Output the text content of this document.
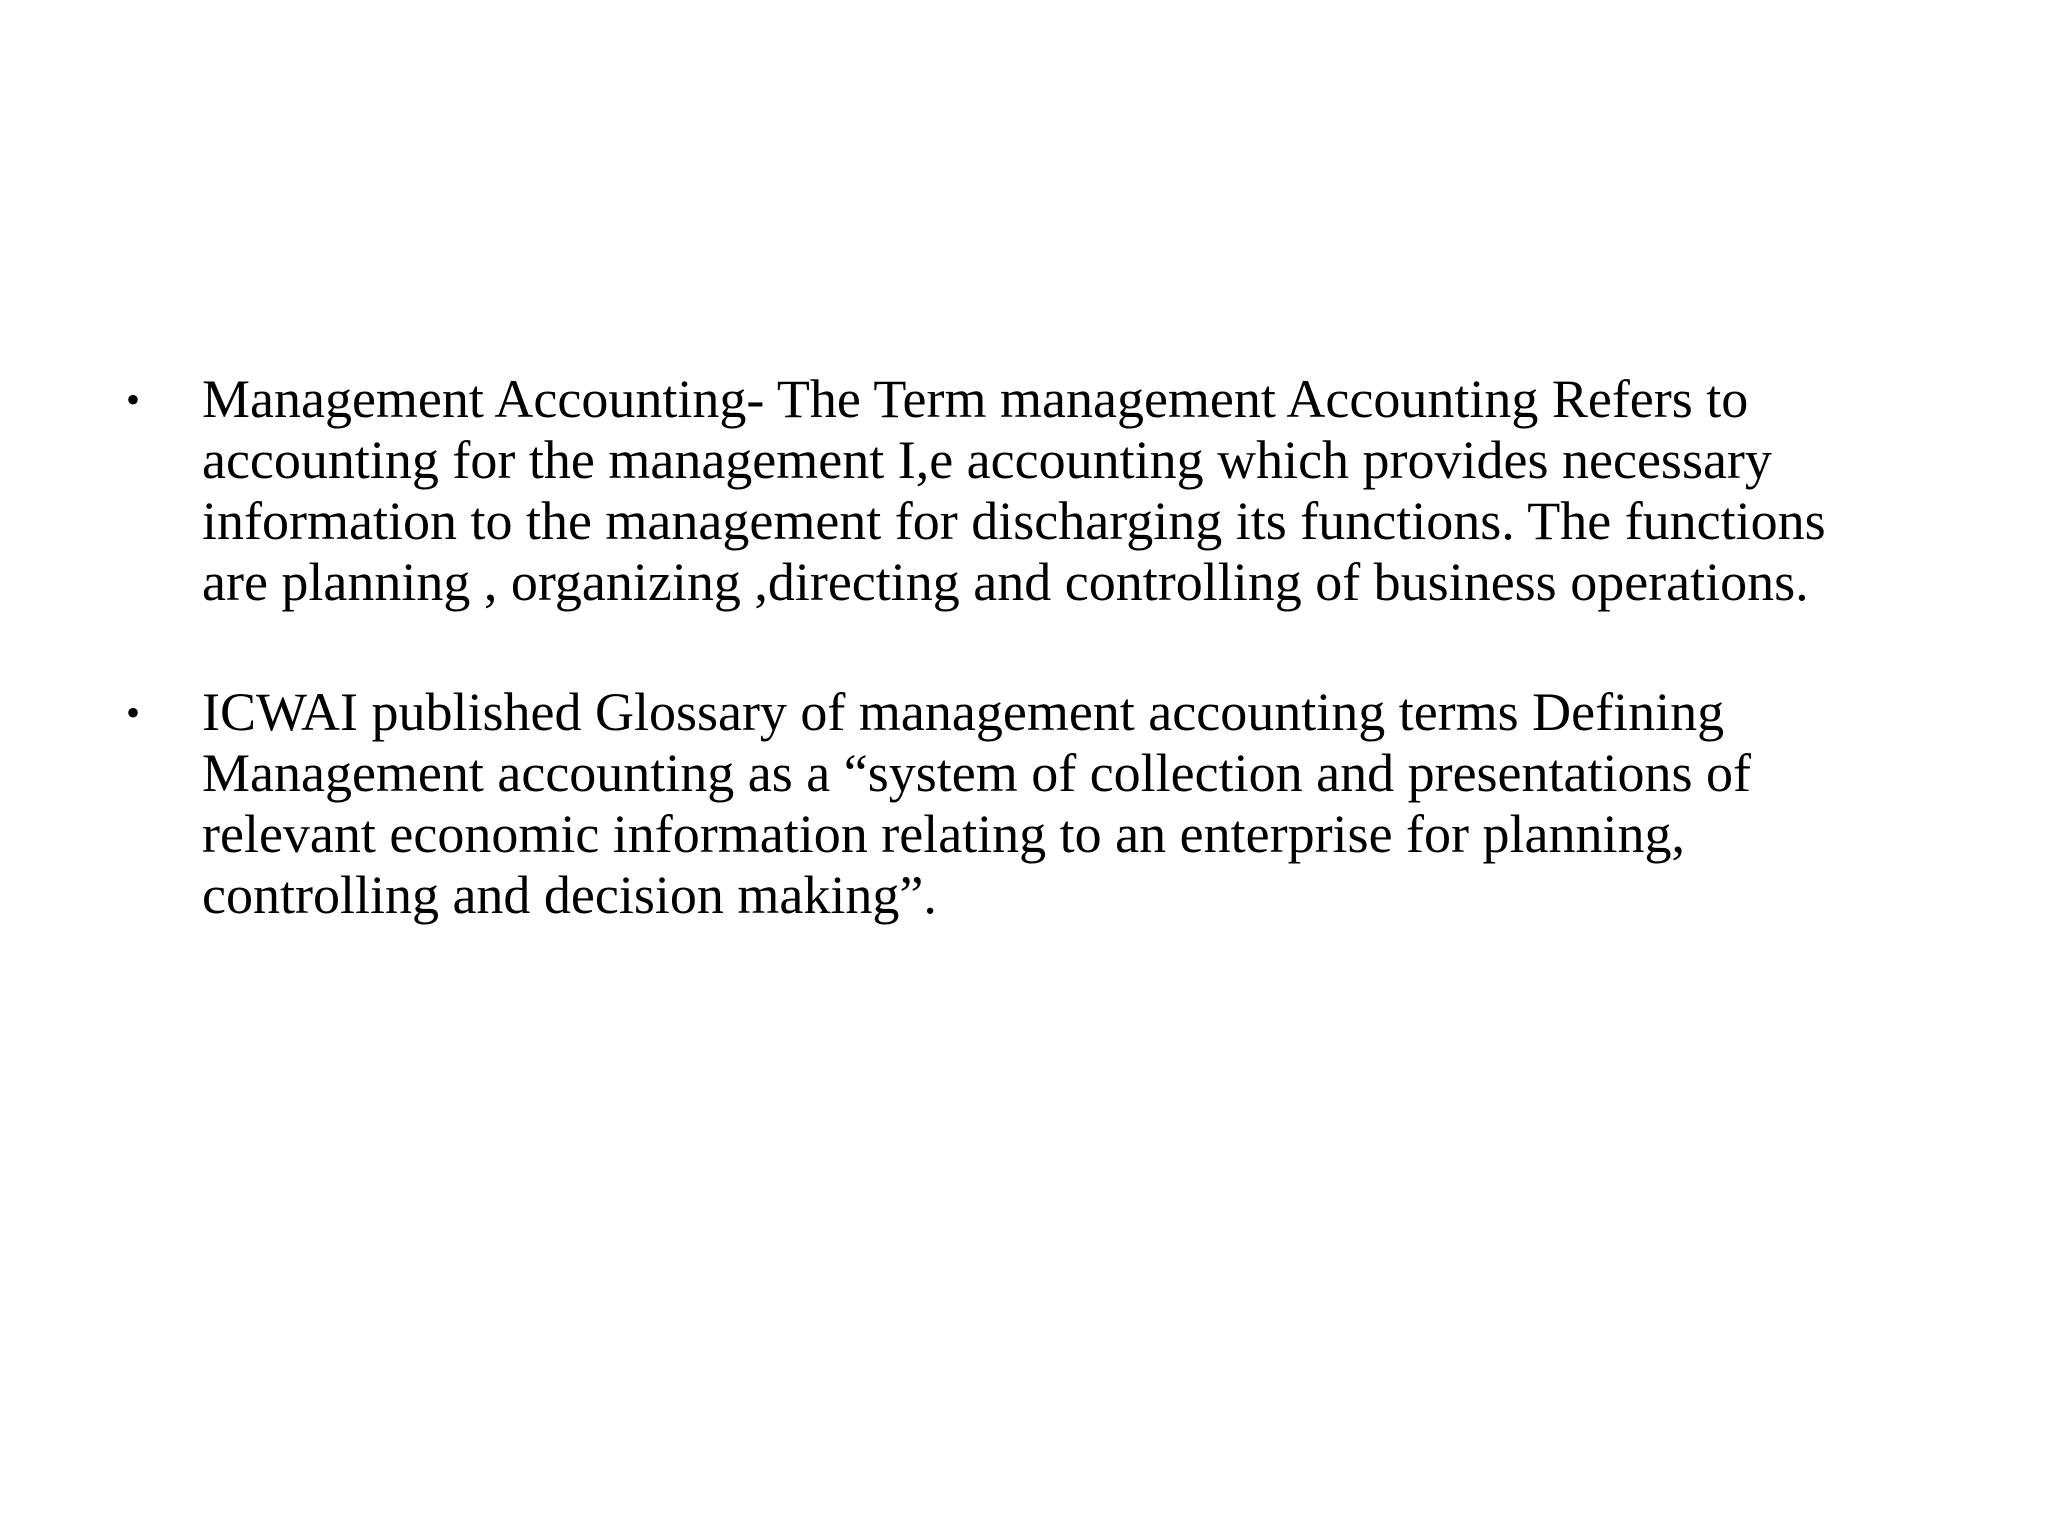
• Management Accounting- The Term management Accounting Refers to
accounting for the management I,e accounting which provides necessary
information to the management for discharging its functions. The functions
are planning , organizing ,directing and controlling of business operations.
• ICWAI published Glossary of management accounting terms Defining
Management accounting as a “system of collection and presentations of
relevant economic information relating to an enterprise for planning,
controlling and decision making”.
